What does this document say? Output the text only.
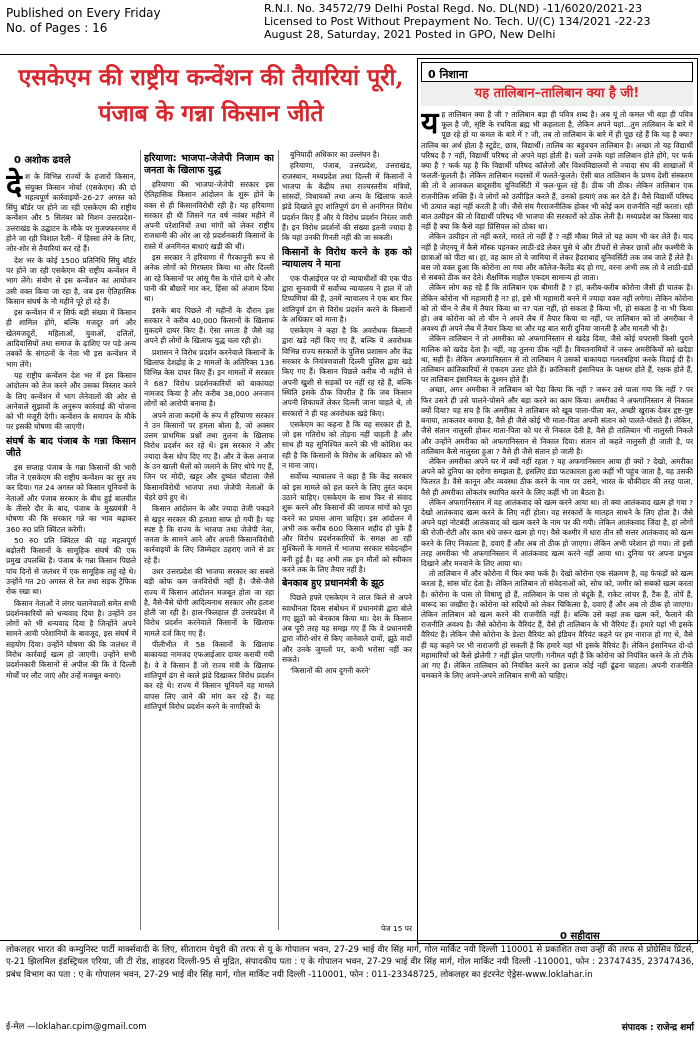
Published on Every Friday
No. of Pages : 16
R.N.I. No. 34572/79 Delhi Postal Regd. No. DL(ND) -11/6020/2021-23
Licensed to Post Without Prepayment No. Tech. U/(C) 134/2021 -22-23
August 28, Saturday, 2021 Posted in GPO, New Delhi
एसकेएम की राष्ट्रीय कन्वेंशन की तैयारियां पूरी, पंजाब के गन्ना किसान जीते
0 अशोक ढवले

देश के विभिन्न राज्यों के हजारों किसान, संयुक्त किसान मोर्चा (एसकेएम) की दो महत्वपूर्ण कार्रवाइयों–26-27 अगस्त को सिंघु बॉर्डर पर होने जा रही एसकेएम की राष्ट्रीय कन्वेंशन और 5 सितंबर को मिशन उत्तरप्रदेश–उत्तराखंड के उद्घाटन के मौके पर मुजफ्फरनगर में होने जा रही विशाल रैली– में हिस्सा लेने के लिए, जोर-शोर से तैयारियां कर रहे हैं।

देश भर के कोई 1500 प्रतिनिधि सिंघु बॉर्डर पर होने जा रही एसकेएम की राष्ट्रीय कन्वेंशन में भाग लेंगे। संयोग से इस कन्वेंशन का आयोजन उसी वक्त किया जा रहा है, जब इस ऐतिहासिक किसान संघर्ष के नौ महीने पूरे हो रहे हैं।

इस कन्वेंशन में न सिर्फ बड़ी संख्या में किसान ही शामिल होंगे, बल्कि मजदूर वर्ग और खेतमजदूरों, महिलाओं, युवाओं, दलितों, आदिवासियों तथा समाज के ढ़ाशिए पर पड़े अन्य तबकों के संगठनों के नेता भी इस कन्वेंशन में भाग लेंगे।

यह राष्ट्रीय कन्वेंशन देश भर में इस किसान आंदोलन को तेज करने और उसका विस्तार करने के लिए कन्वेंशन में भाग लेनेवालों की ओर से आनेवाले सुझावों के अनुरूप कार्रवाई की योजना को भी मंजूरी देगी। कन्वेंशन के समापन के मौके पर इसकी घोषणा की जाएगी।

संघर्ष के बाद पंजाब के गन्ना किसान जीते

इस सप्ताह पंजाब के गन्ना किसानों की भारी जीत ने एसकेएम की राष्ट्रीय कन्वेंशन का सुर तय कर दिया। गत 24 अगस्त को किसान यूनियनों के नेताओं और पंजाब सरकार के बीच हुई बातचीत के तीसरे दौर के बाद, पंजाब के मुख्यमंत्री ने घोषणा की कि सरकार गन्ने का भाव बढ़ाकर 360 रु0 प्रति क्विंटल करेगी।

50 रु0 प्रति क्विंटल की यह महत्वपूर्ण बढ़ोतरी किसानों के सामूहिक संघर्ष की एक प्रमुख उपलब्धि है। पंजाब के गन्ना किसान पिछले पांच दिनों से जलंधर में एक सामूहिक लहुं रहे थे। उन्होंने गत 20 अगस्त से रेल तथा सड़क ट्रैफिक रोक रखा था।

किसान नेताओं ने लंगर चलानेवालों समेत सभी प्रदर्शनकारियों को धन्यवाद दिया है। उन्होंने उन लोगों को भी धन्यवाद दिया है जिन्होंने अपने सामने आयी परेशानियों के बावजूद, इस संघर्ष में सहयोग दिया। उन्होंने घोषणा की कि जलंधर में विरोध कार्रवाई खत्म हो जाएगी। उन्होंने सभी प्रदर्शनकारी किसानों से अपील की कि वे दिल्ली मोर्चों पर लौट जाएं और उन्हें मजबूत बनाएं।

हरियाणा: भाजपा–जेजेपी निजाम का जनता के खिलाफ युद्ध

हरियाणा की भाजपा-जेजेपी सरकार इस ऐतिहासिक किसान आंदोलन के शुरू होने के वक्त से ही किसानविरोधी रही है। यह हरियाणा सरकार ही थी जिसने गत वर्ष नवंबर महीने में अपनी परेशानियों तथा मांगों को लेकर राष्ट्रीय राजधानी की ओर आ रहे प्रदर्शनकारी किसानों के रास्ते में अनगिनत बाधाएं खड़ी की थीं।

इस सरकार ने हरियाणा में गैरकानूनी रूप से अनेक लोगों को गिरफ्तार किया था और दिल्ली आ रहे किसानों पर आंसू गैस के गोले दागे थे और पानी की बौछारें मार कर, हिंसा को अंजाम दिया था।

इसके बाद पिछले नौ महीनों के दौरान इस सरकार ने करीब 40,000 किसानों के खिलाफ मुकदमे दायर किए हैं। ऐसा लगता है जैसे वह अपने ही लोगों के खिलाफ युद्ध चला रही हो।

प्रशासन ने विरोध प्रदर्शन करनेवाले किसानों के खिलाफ देशद्रोह के 2 मामलों के अतिरिक्त 136 विभिन्न केस दायर किए हैं। इन मामलों में सरकार ने 687 विरोध प्रदर्शनकारियों को बाकायदा नामजद किया है और करीब 38,000 अनजान लोगों को आरोपी बनाया है।

अपने ताजा कदमों के रूप में हरियाणा सरकार ने उन किसानों पर हमला बोला है, जो अक्सर उत्तम प्राथमिक प्रश्नों तथा तुलना के खिलाफ विरोध प्रदर्शन कर रहे थे। इस सरकार ने और ज्यादा केस थोप दिए गए हैं। और वे केस अनाज के उन खाली थैलों को जलाने के लिए थोपे गए हैं, जिन पर मोदी, खट्टर और दुष्यंत चौटाला जैसे किसानविरोधी भाजपा तथा जेजेपी नेताओं के चेहरे छपे हुए थे।

किसान आंदोलन के और ज्यादा तेजी पकड़ने से खट्टर सरकार की हताशा साफ हो गयी है। यह स्पष्ट है कि राज्य के भाजपा तथा जेजेपी नेता, जनता के सामने आने और अपनी किसानविरोधी कार्रवाइयों के लिए जिम्मेदार ठहराए जाने से डर रहे हैं।

उधर उत्तरप्रदेश की भाजपा सरकार का सबसे बड़ी कोफ कम जनविरोधी नहीं है। जैसे-जैसे राज्य में किसान आंदोलन मजबूत होता जा रहा है, वैसे-वैसे योगी आदित्यनाथ सरकार और हताश होती जा रही है। हाल-फिलहाल ही उत्तरप्रदेश में विरोध प्रदर्शन करनेवाले किसानों के खिलाफ मामले दर्ज किए गए हैं।

पीलीभीत में 58 किसानों के खिलाफ बाकायदा नामजद एफआईआर दायर करायी गयी है। वे वे किसान हैं जो राज्य मंत्री के खिलाफ शांतिपूर्ण ढंग से काले झंडे दिखाकर विरोध प्रदर्शन कर रहे थे। राज्य में किसान यूनियनें यह मामले वापस लिए जाने की मांग कर रहे हैं। यह शांतिपूर्ण विरोध प्रदर्शन करने के नागरिकों के

बुनियादी अधिकार का उल्लंघन है।

हरियाणा, पंजाब, उत्तरप्रदेश, उत्तराखंड, राजस्थान, मध्यप्रदेश तथा दिल्ली में किसानों ने भाजपा के केंद्रीय तथा राज्यस्तरीय मंत्रियों, सांसदों, विधायकों तथा अन्य के खिलाफ काले झंडे दिखाते हुए शांतिपूर्ण ढंग से अनगिनत विरोध प्रदर्शन किए हैं और ये विरोध प्रदर्शन निरंतर जारी हैं। इन विरोध प्रदर्शनों की संख्या इतनी ज्यादा है कि यहां उनकी गिनती नहीं की जा सकती।

किसानों के विरोध करने के हक को न्यायालय ने माना

एक पीआईएल पर दो न्यायाधीशों की एक पीठ द्वारा सुनवायी में सर्वोच्च न्यायालय ने हाल में जो टिप्पणियां की हैं, उनमें न्यायालय ने एक बार फिर शांतिपूर्ण ढंग से विरोध प्रदर्शन करने के किसानों के अधिकार को माना है।

एसकेएम ने कहा है कि अवरोधक किसानों द्वारा खड़े नहीं किए गए हैं, बल्कि ये अवरोधक विभिन्न राज्य सरकारों के पुलिस प्रशासन और केंद्र सरकार के नियंत्रणवाली दिल्ली पुलिस द्वारा खड़े किए गए हैं। किसान पिछले करीब नौ महीने से अपनी खुशी से सड़कों पर नहीं रह रहे हैं, बल्कि स्थिति इसके ठीक विपरीत है कि जब किसान अपनी शिकायतें लेकर दिल्ली जाना चाहते थे, तो सरकारों ने ही यह अवरोधक खड़े किए।

एसकेएम का कहना है कि यह सरकार ही है, जो इस गतिरोध को तोड़ना नहीं चाहती है और साथ ही यह सुनिश्चित करने की भी कोशिश कर रही है कि किसानों के विरोध के अधिकार को भी न माना जाए।

सर्वोच्च न्यायालय ने कहा है कि केंद्र सरकार को इस मामले को हल करने के लिए तुरंत कदम उठाने चाहिए। एसकेएम के साथ फिर से संवाद शुरू करने और किसानों की जायज मांगों को पूरा करने का प्रयास आना चाहिए। इस आंदोलन में अभी तक करीब 600 किसान शहीद हो चुके हैं और विरोध प्रदर्शनकारियों के समक्ष आ रही मुश्किलों के मामले में भाजपा सरकार संवेदनहीन बनी हुई है। वह अभी तक इन मौतों को स्वीकार करने तक के लिए तैयार नहीं है।

बेनकाब हुए प्रधानमंत्री के झूठ

पिछले हफ्ते एसकेएम ने लाल किले से अपने स्वाधीनता दिवस संबोधन में प्रधानमंत्री द्वारा बोले गए झूठों को बेनकाब किया था। देश के किसान अब पूरी तरह यह समझ गए हैं कि वे प्रधानमंत्री द्वारा जीरो-शोर से किए जानेवाले दावों, झूठे वादों और उनके जुमलों पर, कभी भरोसा नहीं कर सकते।

'किसानों की आय दुगनी करने'

पेज 15 पर
0 निशाना
यह तालिबान–तालिबान क्या है जी!

यह तालिबान क्या है जी ? तालिबान बड़ा ही पवित्र शब्द है। अब यूं तो कमल भी बड़ा ही पवित्र फूल है जी, सृष्टि के रचयिता ब्रह्म भी कहलाता है, लेकिन अपने यहां...तुम तालिबान के बारे में पूछ रहे हो या कमल के बारे में ? जी, तब तो तालिबान के बारे में ही पूछ रहे हैं कि यह है क्या? तालिब का अर्थ होता है स्टूडेंट, छात्र, विद्यार्थी। तालिब का बहुवचन तालिबान है। अच्छा तो यह विद्यार्थी परिषद है ? नहीं, विद्यार्थी परिषद तो अपने यहां होती है। चलो उनके यहां तालिबान होते होंगे, पर फर्क क्या है ? फर्क यह है कि विद्यार्थी परिषद कॉलेजों और विश्वविद्यालयों से ज्यादा संघ की शाखाओं में फलती-फूलती है। लेकिन तालिबान मदरसों में फलते-फूलते। ऐसी बात तालिबान के प्रणय देशी संस्करण की तो वे आजकल बादूसरीय यूनिवर्सिटी में फल-फूल रहे हैं। ठीक जी ठीक। लेकिन तालिबान एक राजनीतिक शक्ति हैं। वे लोगों को उत्पीड़ित करते हैं, उनको हत्याएं तक कर देते हैं। वैसे विद्यार्थी परिषद भी उत्पात कहां नहीं करती है जी। जैसे संघ गैरराजनीतिक होकर भी कोई कम राजनीति नहीं करता। रही बात उत्पीड़न की तो विद्यार्थी परिषद भी भाजपा की सरकारों को ठोंक लेती है। मध्यप्रदेश का किस्सा याद नहीं है क्या कि कैसे वहां प्रिंसिपल को ठोका था।

लेकिन उत्पीड़न तो नहीं करते, मारते तो नहीं हैं ? नहीं मौका मिले तो यह काम भी कर लेते हैं। याद नहीं है जेएनयू में कैसे मॉस्क पहनकर लाठी-डंडे लेकर घुसे थे और टीचरों से लेकर छात्रों और कश्मीरी के छात्राओं को पीटा था। हां, वह काम तो ये जामिया में लेकर हैदराबाद यूनिवर्सिटी तक जब जाते हैं लेते हैं। बस जो वक्त हुआ कि कोरोना आ गया और कॉलेज-कैलेंड बंद हो गए, वरना अभी तक तो वे लाठी-डंडों से सबको ठीक कर देते। शैक्षणिक माहौल एकदम सामान्य हो जाता।

लेकिन लोग कह रहे हैं कि तालिबान एक बीमारी है ? हां, करीब-करीब कोरोना जैसी ही घातक है। लेकिन कोरोना भी महामारी है न? हां, इसे भी महामारी बनने में ज्यादा वक्त नहीं लगेगा। लेकिन कोरोना को तो चीन ने लैब में तैयार किया था न? पता नहीं, हो सकता है किया भी, हो सकता है ना भी किया हो। अब कोरोना को तो चीन ने अपने लैब में तैयार किया या नहीं, पर तालिबान को तो अमरीका ने अवश्य ही अपने लैब में तैयार किया था और यह बात सारी दुनिया जानती है और मानती भी है।

लेकिन तालिबान ने तो अमरीका को अफगानिस्तान से खदेड़ दिया, जैसे कोई चपरासी किसी पुराने मालिक को खदेड़ देता है। नहीं, वह तुलना ठीक नहीं है। वियतनामियों ने जरूर अमरीकियों को खदेड़ा था, सही है। लेकिन अफगानिस्तान से तो तालिबान ने उसको बाकायदा गलतबहियां करके विदाई दी है। तालिबान क्रांतिकारियों से एकदम उलट होते हैं। क्रांतिकारी इंसानियत के पक्षधर होते हैं, रक्षक होते हैं, पर तालिबान इंसानियत के दुश्मन होते हैं।

अच्छा, अगर अमरीका ने तालिबान को पैदा किया कि नहीं ? जरूर उसे पाला गया कि नहीं ? पर फिर उसने ही उसे पालने-पोसने और बड़ा करने का काम किया। अमरीका ने अफगानिस्तान से निकाल क्यों दिया? यह सच है कि अमरीका ने तालिबान को खूब पाला-पीला कर, अच्छी खुराक देकर हृष्ट-पुष्ट बनाया, ताकतवर बनाया है, वैसे ही जैसे कोई भी माता-पिता अपनी संतान को पालते-पोसते हैं। लेकिन, जैसे संतान नालुस्ती होकर माता-पिता को घर से निकाल देती है, वैसे ही तालिबान भी नालुस्ती निकले और उन्होंने अमरीका को अफगानिस्तान से निकाल दिया। संतान तो कहते नालुस्ती ही जाती है, पर तालिबान कैसे नालुस्ता हुआ ? वैसे ही जैसे संतान हो जाती है।

लेकिन अमरीका अपने घर में क्यों नहीं रहता ? यह अफगानिस्तान आया ही क्यों ? देखो, अमरीका अपने को दुनिया का दरोगा समझता है, इसलिए डंडा फटकारता हुआ कहीं भी पहुंच जाता है, यह उसकी फितरत है। वैसे कानून और व्यवस्था ठीक करने के नाम पर उसने, भारत के चौकीदार की तरह पाला, वैसे ही अमरीका लोकतंत्र स्थापित करने के लिए कहीं भी जा बैठता है।

लेकिन अफगानिस्तान में वह आतंकवाद को खत्म करने आया था। तो क्या आतंकवाद खत्म हो गया ? देखो आतंकवाद खत्म करने के लिए नहीं होता। वह सरकारों के मातहत साधने के लिए होता है। जैसे अपने यहां नोटबंदी आतंकवाद को खत्म करने के नाम पर की गयी। लेकिन आतंकवाद जिंदा है, हां लोगों की रोजी-रोटी और काम धंधे जरूर खत्म हो गए। वैसे कश्मीर में धारा तीन सौ सत्तर आतंकवाद को खत्म करने के लिए निकाला है, दवाएं हैं और अब तो ठीक हो जाएगा। लेकिन अभी परेशान हो गया। तो इसी तरह अमरीका भी अफगानिस्तान में आतंकवाद खत्म करने नहीं आया था। दुनिया पर अपना प्रभुत्व दिखाने और मनवाने के लिए आया था।

तो तालिबान में और कोरोना में फिर क्या फर्क है। देखो कोरोना एक संक्रमण है, वह फेफड़ों को खत्म करता है, सांस घोंट देता है। लेकिन तालिबान तो संवेदनाओं को, सोच को, जमीर को सबको खत्म करता है। कोरोना के पास तो विषाणु हो हैं, तालिबान के पास तो बंदूकें हैं, राकेट लांचर हैं, टैंक हैं, तोपें हैं, बारूद का जखीरा है। कोरोना को सदियों को लेकर चिकित्सा है, दवाएं हैं और अब तो ठीक हो जाएगा। लेकिन तालिबान को खत्म करने की राजनीति नहीं है। बल्कि उसे कहां तक खत्म करें, फैलाने की राजनीति अवश्य है। जैसे कोरोना के वैरियंट हैं, वैसे ही तालिबान के भी वैरियंट हैं। हमारे यहां भी इसके वैरियंट हैं। लेकिन जैसे कोरोना के डेल्टा वैरियंट को इंडियन वैरियंट कहने पर हम नाराज हो गए थे, वैसे ही यह कहने पर भी नाराजगी हो सकती है कि हमारे यहां भी इसके वैरियंट हैं। लेकिन इंसानियत दो-दो महामारियों को कैसे झेलेगी ? नहीं झेल पाएगी। गनीमत यही है कि कोरोना को नियंत्रित करने के तो टीके आ गए हैं। लेकिन तालिबान को नियंत्रित करने का इलाज कोई नहीं ढूंढ़ना चाहता। अपनी राजनीति चमकाने के लिए अपने-अपने तालिबान सभी को चाहिए।

0 सहीदास
लोकलहर भारत की कम्युनिस्ट पार्टी मार्क्सवादी के लिए, सीताराम येचुरी की तरफ से यू के गोपालन भवन, 27-29 भाई वीर सिंह मार्ग, गोल मार्किट नयी दिल्ली 110001 से प्रकाशित तथा उन्हीं की तरफ से प्रोग्रेसिव प्रिंटर्स, ए-21 झिलमिल इंडस्ट्रियल एरिया, जी टी रोड, शाहदरा दिल्ली-95 से मुद्रित, संपादकीय पता : ए के गोपालन भवन, 27-29 भाई वीर सिंह मार्ग, गोल मार्किट नयी दिल्ली -110001, फोन : 23747435, 23747436, प्रबंध विभाग का पता : ए के गोपालन भवन, 27-29 भाई वीर सिंह मार्ग, गोल मार्किट नयी दिल्ली -110001, फोन : 011-23348725, लोकलहर का इंटरनेट ऐड्रेस-www.loklahar.in
ई-मेल —loklahar.cpim@gmail.com	संपादक : राजेन्द्र शर्मा
